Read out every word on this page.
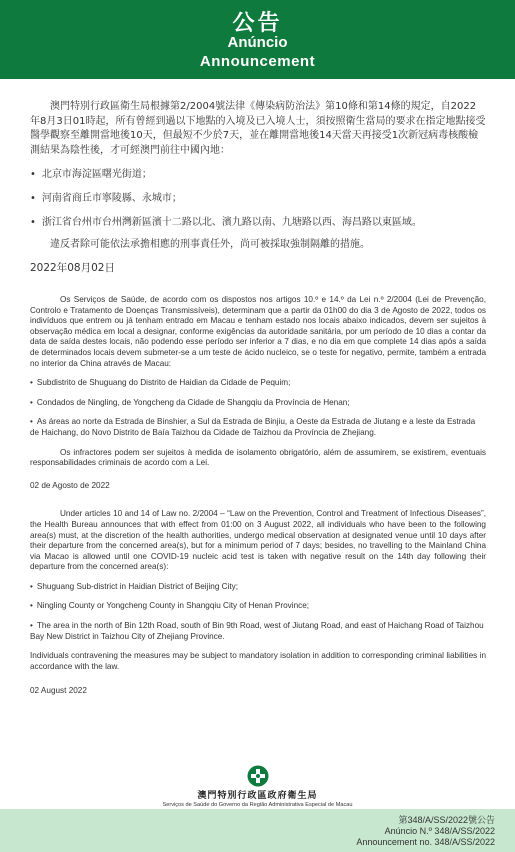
公告
Anúncio
Announcement

澳門特別行政區衛生局根據第2/2004號法律《傳染病防治法》第10條和第14條的規定，自2022年8月3日01時起，所有曾經到過以下地點的入境及已入境人士，須按照衛生當局的要求在指定地點接受醫學觀察至離開當地後10天，但最短不少於7天，並在離開當地後14天當天再接受1次新冠病毒核酸檢測結果為陰性後，才可經澳門前往中國內地：

• 北京市海淀區曙光街道；
• 河南省商丘市寧陵縣、永城市；
• 浙江省台州市台州灣新區濱十二路以北、濱九路以南、九塘路以西、海昌路以東區域。

違反者除可能依法承擔相應的刑事責任外，尚可被採取強制隔離的措施。

2022年08月02日

Os Serviços de Saúde, de acordo com os dispostos nos artigos 10.º e 14.º da Lei n.º 2/2004 (Lei de Prevenção, Controlo e Tratamento de Doenças Transmissíveis), determinam que a partir da 01h00 do dia 3 de Agosto de 2022, todos os indivíduos que entrem ou já tenham entrado em Macau e tenham estado nos locais abaixo indicados, devem ser sujeitos à observação médica em local a designar, conforme exigências da autoridade sanitária, por um período de 10 dias a contar da data de saída destes locais, não podendo esse período ser inferior a 7 dias, e no dia em que complete 14 dias após a saída de determinados locais devem submeter-se a um teste de ácido nucleico, se o teste for negativo, permite, também a entrada no interior da China através de Macau:

• Subdistrito de Shuguang do Distrito de Haidian da Cidade de Pequim;
• Condados de Ningling, de Yongcheng da Cidade de Shangqiu da Província de Henan;
• As áreas ao norte da Estrada de Binshier, a Sul da Estrada de Binjiu, a Oeste da Estrada de Jiutang e a leste da Estrada de Haichang, do Novo Distrito de Baía Taizhou da Cidade de Taizhou da Província de Zhejiang.

Os infractores podem ser sujeitos à medida de isolamento obrigatório, além de assumirem, se existirem, eventuais responsabilidades criminais de acordo com a Lei.

02 de Agosto de 2022

Under articles 10 and 14 of Law no. 2/2004 – “Law on the Prevention, Control and Treatment of Infectious Diseases”, the Health Bureau announces that with effect from 01:00 on 3 August 2022, all individuals who have been to the following area(s) must, at the discretion of the health authorities, undergo medical observation at designated venue until 10 days after their departure from the concerned area(s), but for a minimum period of 7 days; besides, no travelling to the Mainland China via Macao is allowed until one COVID-19 nucleic acid test is taken with negative result on the 14th day following their departure from the concerned area(s):

• Shuguang Sub-district in Haidian District of Beijing City;
• Ningling County or Yongcheng County in Shangqiu City of Henan Province;
• The area in the north of Bin 12th Road, south of Bin 9th Road, west of Jiutang Road, and east of Haichang Road of Taizhou Bay New District in Taizhou City of Zhejiang Province.

Individuals contravening the measures may be subject to mandatory isolation in addition to corresponding criminal liabilities in accordance with the law.

02 August 2022

澳門特別行政區政府衛生局
Serviços de Saúde do Governo da Região Administrativa Especial de Macau
第348/A/SS/2022號公告
Anúncio N.º 348/A/SS/2022
Announcement no. 348/A/SS/2022
